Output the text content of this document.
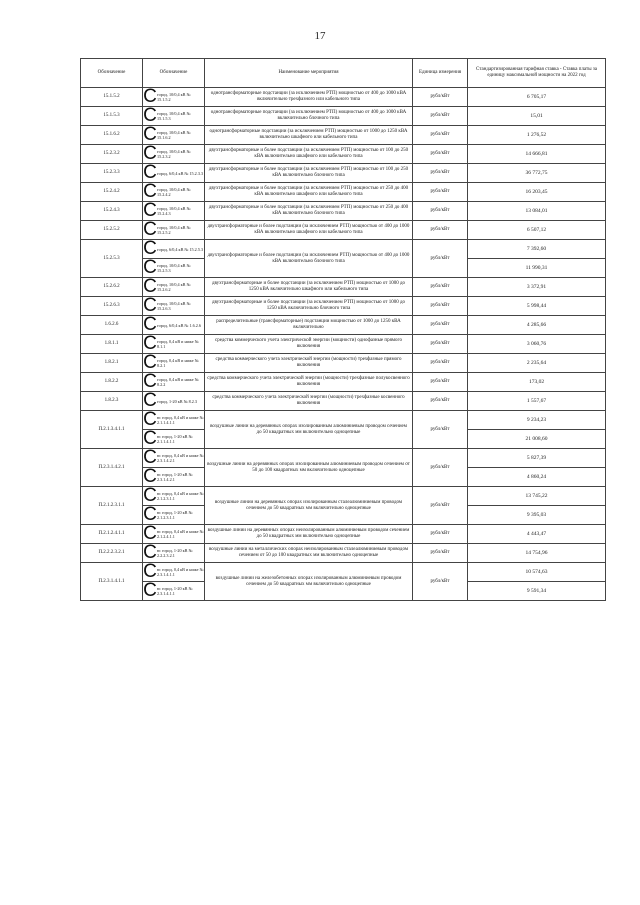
17
Обозначение	Обозначение	Наименование мероприятия	Единица измерения	Стандартизированная тарифная ставка - Ставка платы за единицу максимальной мощности на 2022 год
15.1.5.2	С город, 10/0,4 кВ № 15.1.5.2	однотрансформаторные подстанции (за исключением РТП) мощностью от 400 до 1000 кВА включительно трехфазного или кабельного типа	рубл/кВт	6 705,17
15.1.5.3	С город, 10/0,4 кВ № 15.1.5.3	однотрансформаторные подстанции (за исключением РТП) мощностью от 400 до 1000 кВА включительно блочного типа	рубл/кВт	15,01
15.1.6.2	С город, 10/0,4 кВ № 15.1.6.2	однотрансформаторные подстанции (за исключением РТП) мощностью от 1000 до 1250 кВА включительно шкафного или кабельного типа	рубл/кВт	1 276,52
15.2.3.2	С город, 10/0,4 кВ № 15.2.3.2	двухтрансформаторные и более подстанции (за исключением РТП) мощностью от 100 до 250 кВА включительно шкафного или кабельного типа	рубл/кВт	14 666,81
15.2.3.3	С город, 6/0,4 кВ № 15.2.3.3	двухтрансформаторные и более подстанции (за исключением РТП) мощностью от 100 до 250 кВА включительно блочного типа	рубл/кВт	36 772,75
15.2.4.2	С город, 10/0,4 кВ № 15.2.4.2	двухтрансформаторные и более подстанции (за исключением РТП) мощностью от 250 до 400 кВА включительно шкафного или кабельного типа	рубл/кВт	16 203,45
15.2.4.3	С город, 10/0,4 кВ № 15.2.4.3	двухтрансформаторные и более подстанции (за исключением РТП) мощностью от 250 до 400 кВА включительно блочного типа	рубл/кВт	13 084,01
15.2.5.2	С город, 10/0,4 кВ № 15.2.5.2	двухтрансформаторные и более подстанции (за исключением РТП) мощностью от 400 до 1000 кВА включительно шкафного или кабельного типа	рубл/кВт	6 507,12
15.2.5.3	С город, 6/0,4 кВ № 15.2.5.3	двухтрансформаторные и более подстанции (за исключением РТП) мощностью от 400 до 1000 кВА включительно блочного типа	рубл/кВт	7 392,60

	С город, 10/0,4 кВ № 15.2.5.3			11 990,31
15.2.6.2	С город, 10/0,4 кВ № 15.2.6.2	двухтрансформаторные и более подстанции (за исключением РТП) мощностью от 1000 до 1250 кВА включительно шкафного или кабельного типа	рубл/кВт	3 372,91
15.2.6.3	С город, 10/0,4 кВ № 15.2.6.3	двухтрансформаторные и более подстанции (за исключением РТП) мощностью от 1000 до 1250 кВА включительно блочного типа	рубл/кВт	5 998,44
1.6.2.6	С город, 6/0,4 кВ № 1.6.2.6	распределительные (трансформаторные) подстанции мощностью от 1000 до 1250 кВА включительно	рубл/кВт	4 285,66
1.8.1.1	С город, 0,4 кВ и ниже № 8.1.1	средства коммерческого учета электрической энергии (мощности) однофазные прямого включения	рубл/кВт	3 060,76
1.8.2.1	С город, 0,4 кВ и ниже № 8.2.1	средства коммерческого учета электрической энергии (мощности) трехфазные прямого включения	рубл/кВт	2 235,64
1.8.2.2	С город, 0,4 кВ и ниже № 8.2.2	средства коммерческого учета электрической энергии (мощности) трехфазные полукосвенного включения	рубл/кВт	173,02
1.8.2.3	С город, 1-20 кВ № 8.2.3	средства коммерческого учета электрической энергии (мощности) трехфазные косвенного включения	рубл/кВт	1 557,67
П.2.1.3.4.1.1	С вс город, 0,4 кВ и ниже № 2.1.1.4.1.1	воздушные линии на деревянных опорах изолированным алюминиевым проводом сечением до 50 квадратных мм включительно одноцепные	рубл/кВт	9 234,23

	С вс город, 1-20 кВ № 2.1.1.4.1.1			21 008,60
П.2.3.1.4.2.1	С вс город, 0,4 кВ и ниже № 2.3.1.4.2.1	воздушные линии на деревянных опорах изолированным алюминиевым проводом сечением от 50 до 100 квадратных мм включительно одноцепные	рубл/кВт	5 827,39

	С вс город, 1-20 кВ № 2.3.1.4.2.1			4 860,24
П.2.1.2.3.1.1	С вс город, 0,4 кВ и ниже № 2.1.2.3.1.1	воздушные линии на деревянных опорах изолированным сталеалюминиевым проводом сечением до 50 квадратных мм включительно одноцепные	рубл/кВт	13 745,22

	С вс город, 1-20 кВ № 2.1.2.3.1.1			9 395,03
П.2.1.2.4.1.1	С вс город, 0,4 кВ и ниже № 2.1.2.4.1.1	воздушные линии на деревянных опорах неизолированным алюминиевым проводом сечением до 50 квадратных мм включительно одноцепные	рубл/кВт	4 443,47
П.2.2.2.3.2.1	С вс город, 1-20 кВ № 2.2.2.3.2.1	воздушные линии на металлических опорах неизолированным сталеалюминиевым проводом сечением от 50 до 100 квадратных мм включительно одноцепные	рубл/кВт	14 754,96
П.2.3.1.4.1.1	С вс город, 0,4 кВ и ниже № 2.3.1.4.1.1	воздушные линии на железобетонных опорах изолированным алюминиевым проводом сечением до 50 квадратных мм включительно одноцепные	рубл/кВт	10 574,63

	С вс город, 1-20 кВ № 2.3.1.4.1.1			9 591,34
